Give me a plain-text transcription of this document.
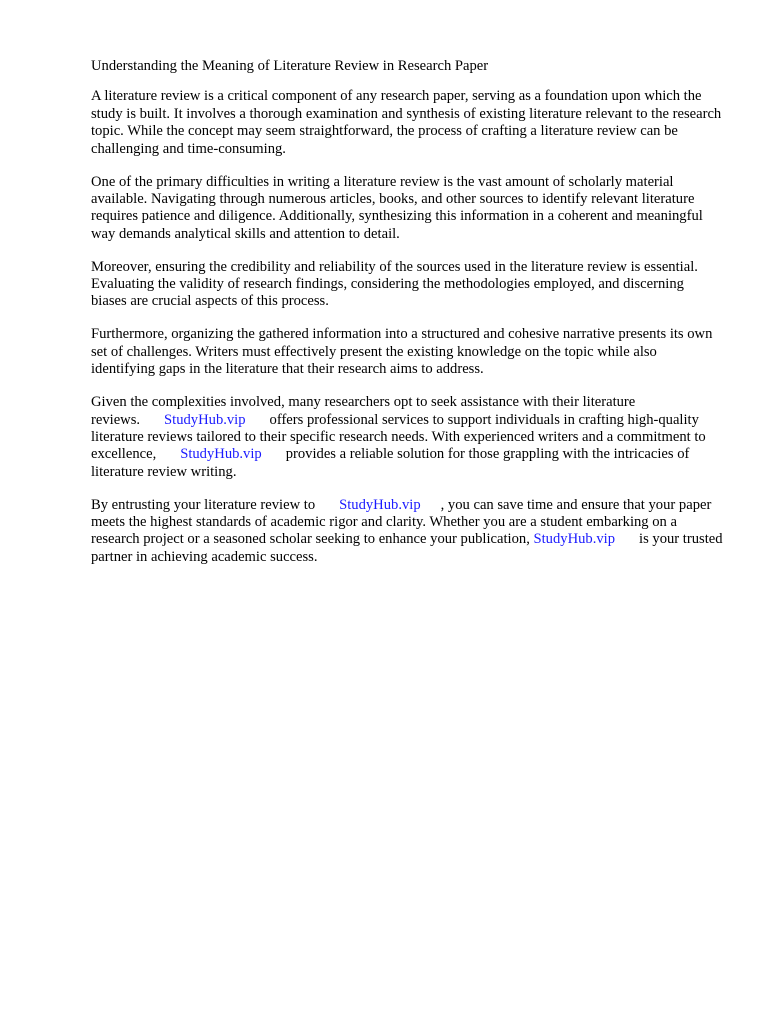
Understanding the Meaning of Literature Review in Research Paper

A literature review is a critical component of any research paper, serving as a foundation upon which the study is built. It involves a thorough examination and synthesis of existing literature relevant to the research topic. While the concept may seem straightforward, the process of crafting a literature review can be challenging and time-consuming.

One of the primary difficulties in writing a literature review is the vast amount of scholarly material available. Navigating through numerous articles, books, and other sources to identify relevant literature requires patience and diligence. Additionally, synthesizing this information in a coherent and meaningful way demands analytical skills and attention to detail.

Moreover, ensuring the credibility and reliability of the sources used in the literature review is essential. Evaluating the validity of research findings, considering the methodologies employed, and discerning biases are crucial aspects of this process.

Furthermore, organizing the gathered information into a structured and cohesive narrative presents its own set of challenges. Writers must effectively present the existing knowledge on the topic while also identifying gaps in the literature that their research aims to address.

Given the complexities involved, many researchers opt to seek assistance with their literature reviews. StudyHub.vip offers professional services to support individuals in crafting high-quality literature reviews tailored to their specific research needs. With experienced writers and a commitment to excellence, StudyHub.vip provides a reliable solution for those grappling with the intricacies of literature review writing.

By entrusting your literature review to StudyHub.vip , you can save time and ensure that your paper meets the highest standards of academic rigor and clarity. Whether you are a student embarking on a research project or a seasoned scholar seeking to enhance your publication, StudyHub.vip is your trusted partner in achieving academic success.
